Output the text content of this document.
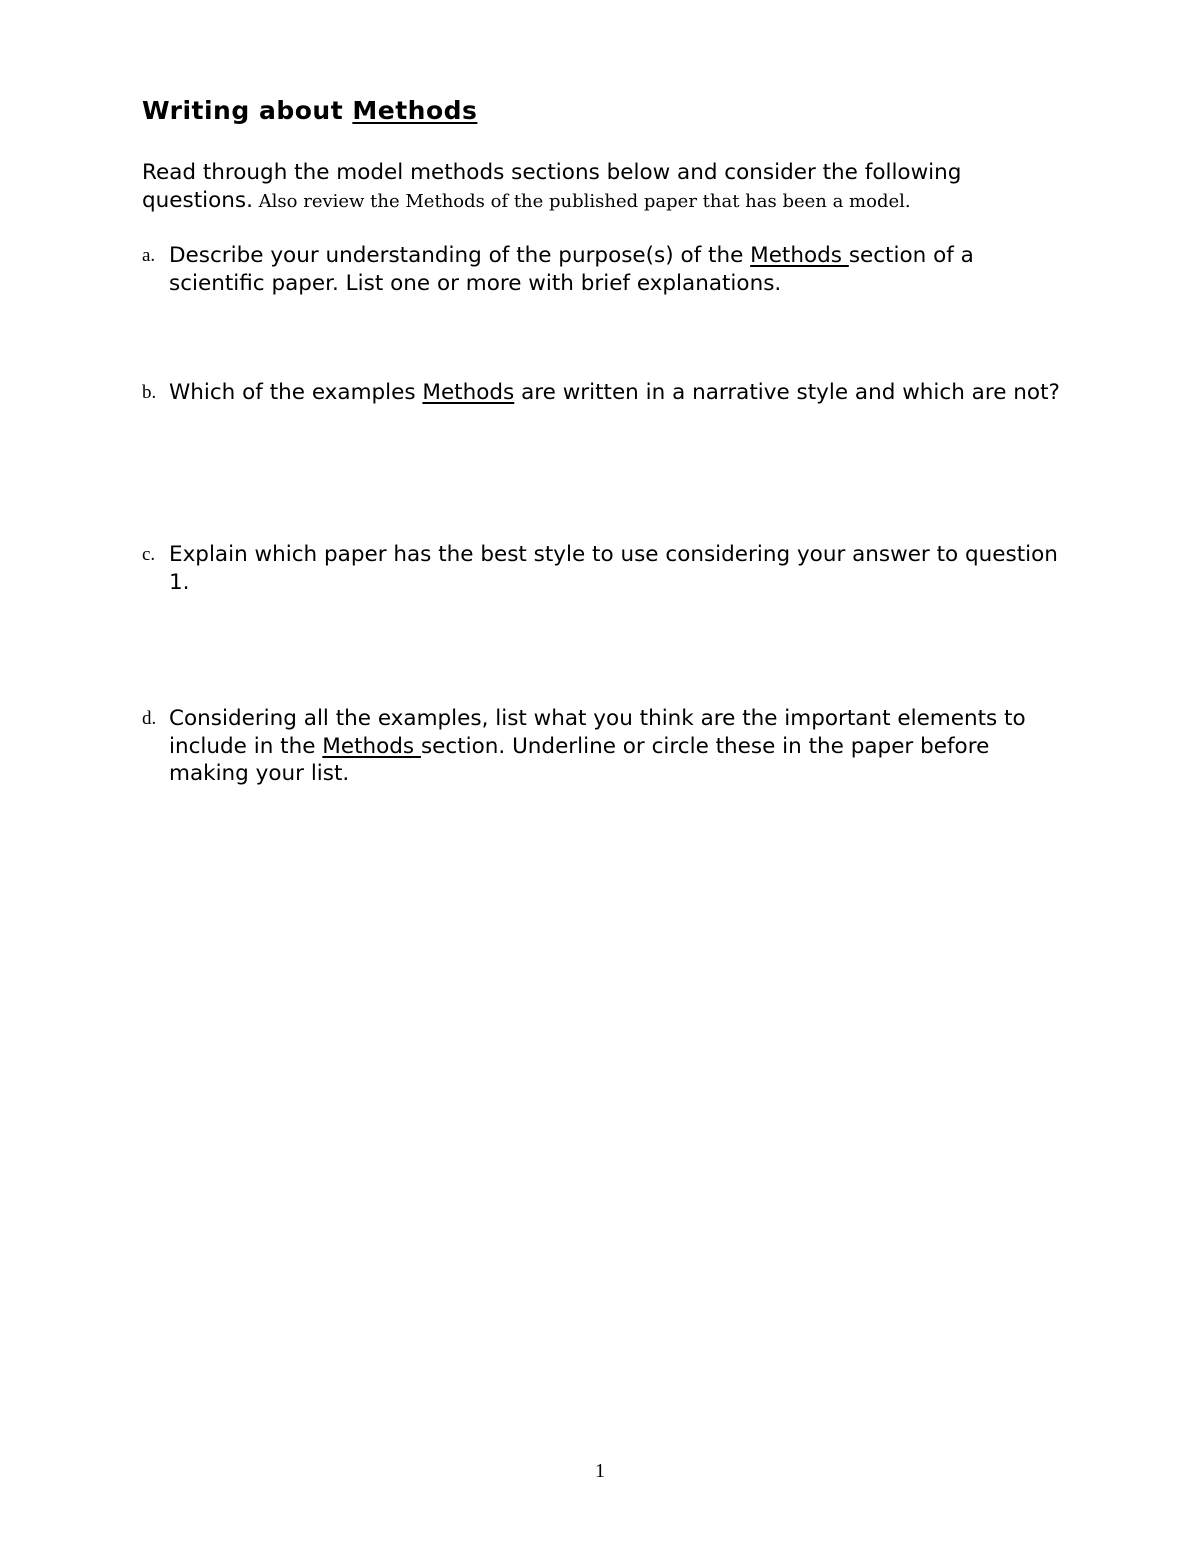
Writing about Methods

Read through the model methods sections below and consider the following questions. Also review the Methods of the published paper that has been a model.

a. Describe your understanding of the purpose(s) of the Methods section of a scientific paper. List one or more with brief explanations.
b. Which of the examples Methods are written in a narrative style and which are not?
c. Explain which paper has the best style to use considering your answer to question 1.
d. Considering all the examples, list what you think are the important elements to include in the Methods section. Underline or circle these in the paper before making your list.
1
